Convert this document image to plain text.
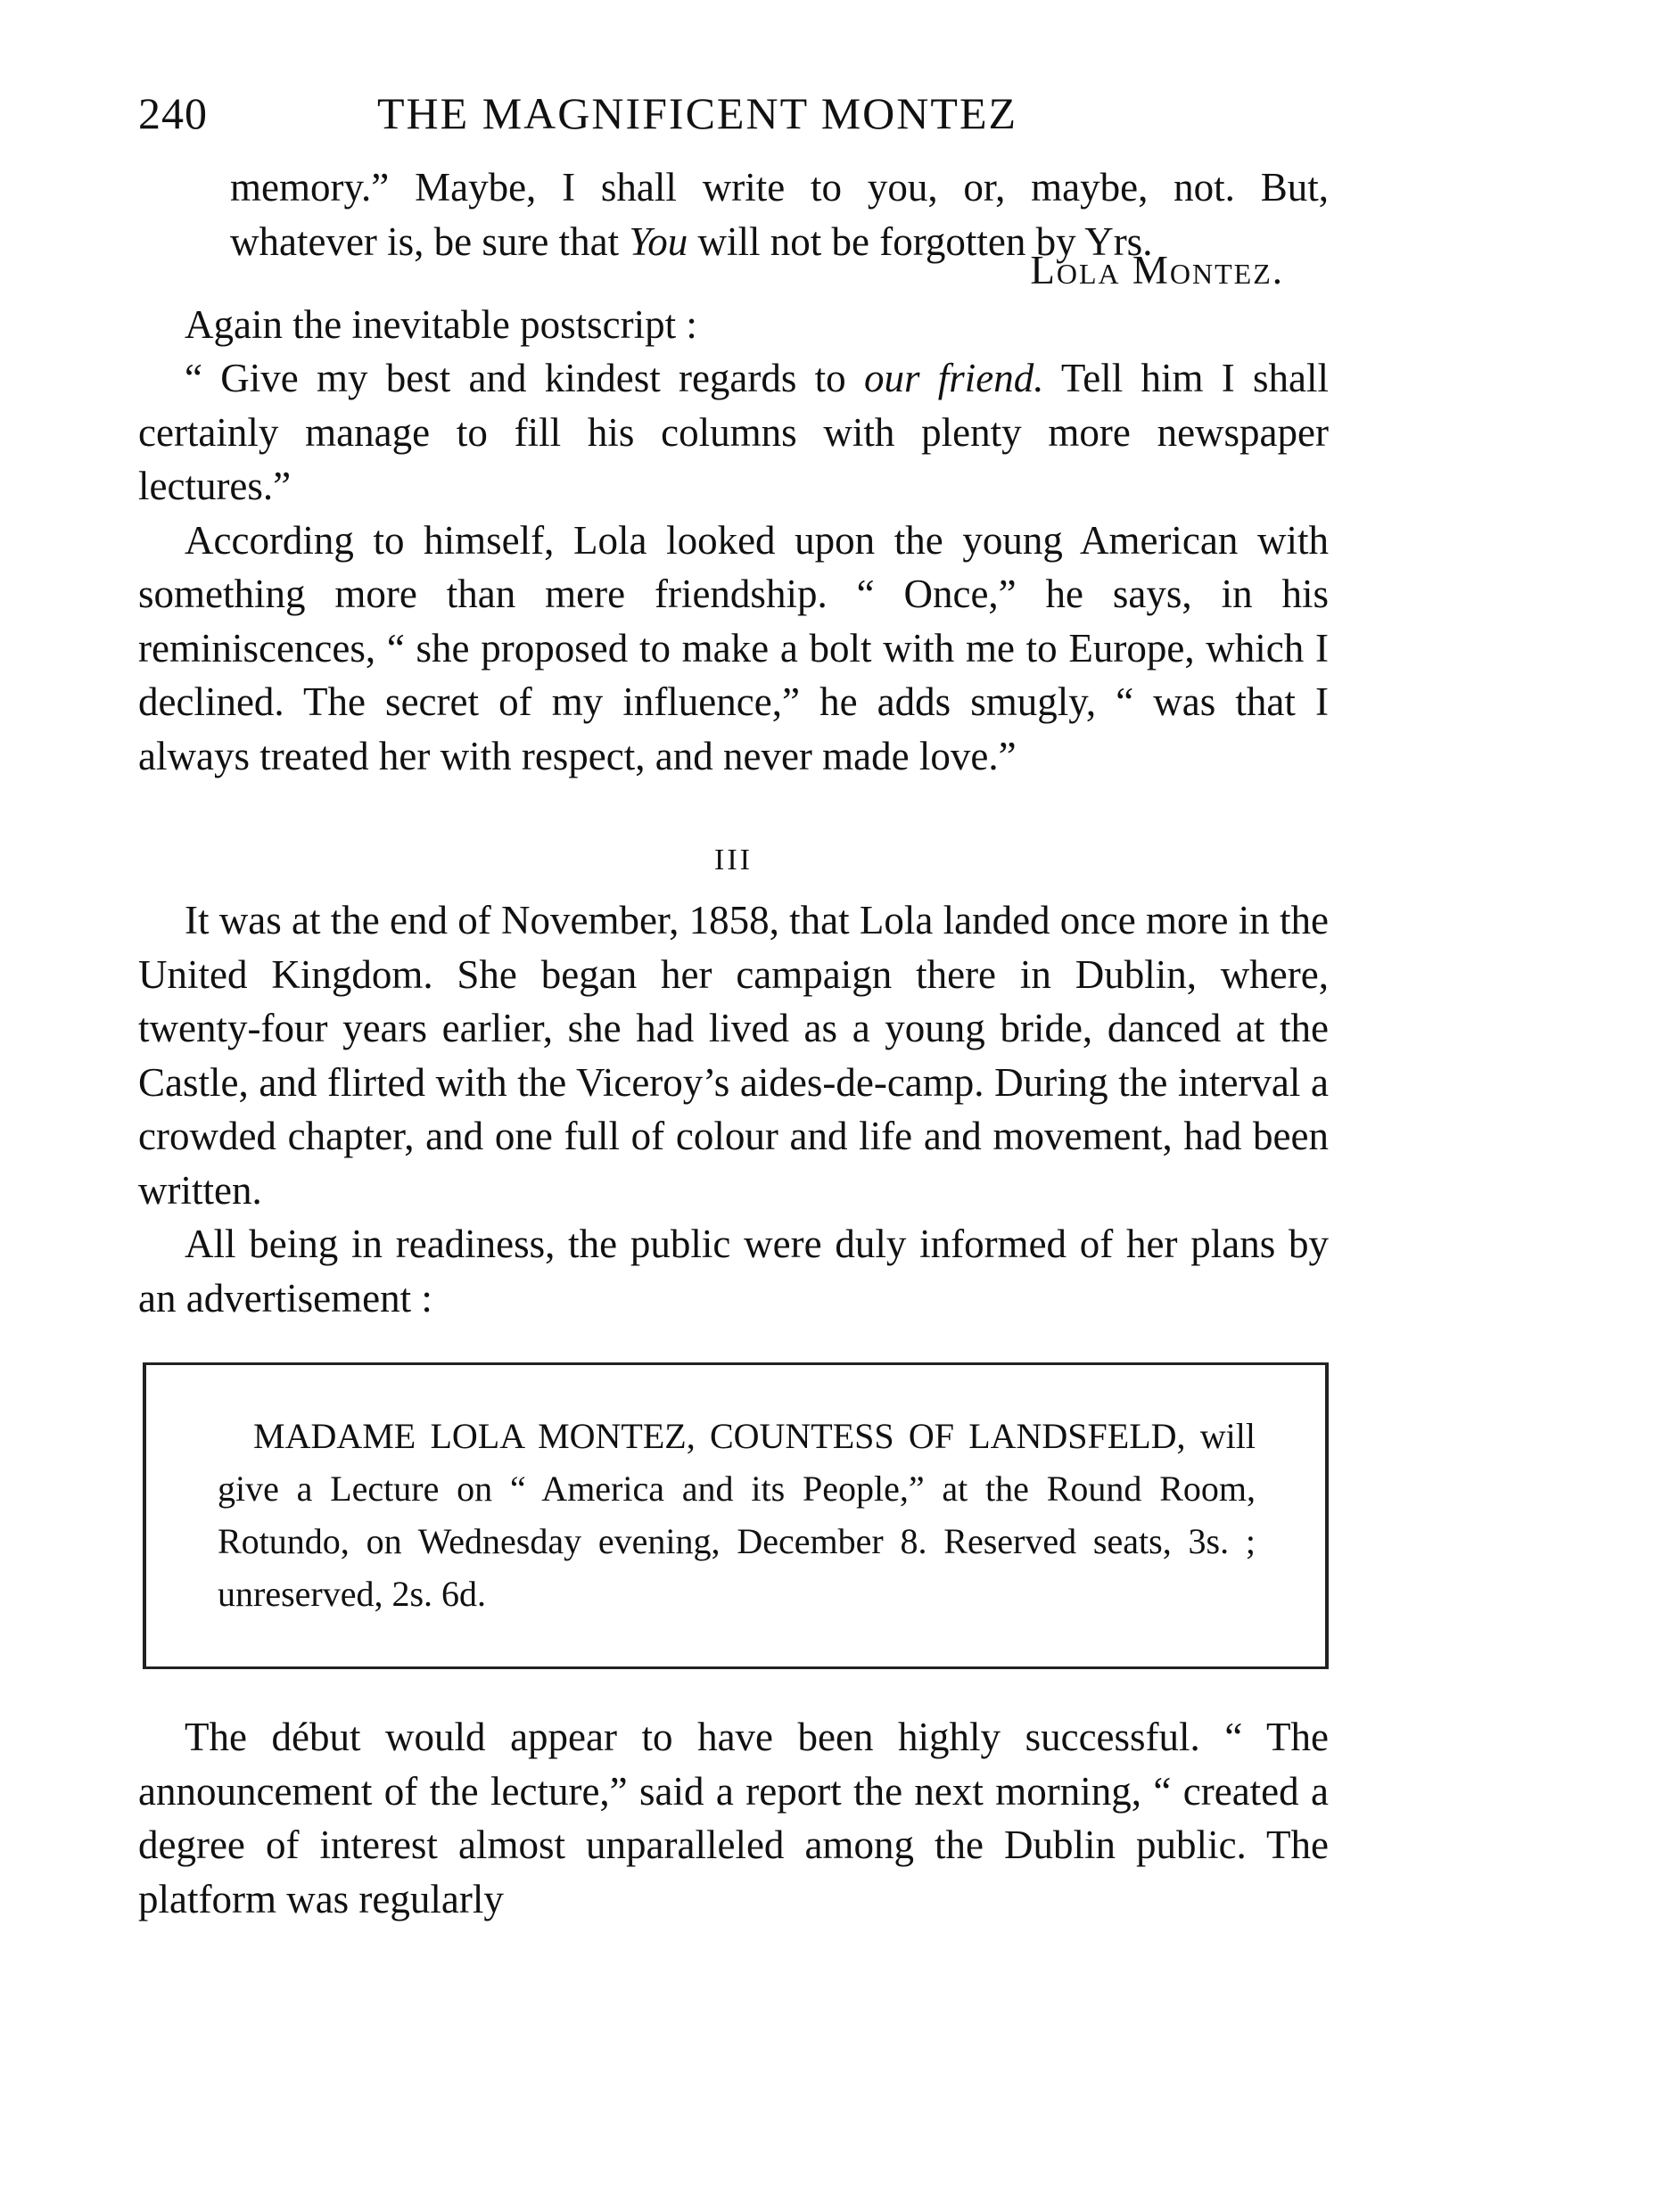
240	THE MAGNIFICENT MONTEZ

memory.” Maybe, I shall write to you, or, maybe, not. But, whatever is, be sure that You will not be forgotten by Yrs.

Lola Montez.

Again the inevitable postscript :

“ Give my best and kindest regards to our friend. Tell him I shall certainly manage to fill his columns with plenty more newspaper lectures.”

According to himself, Lola looked upon the young American with something more than mere friendship. “ Once,” he says, in his reminiscences, “ she proposed to make a bolt with me to Europe, which I declined. The secret of my influence,” he adds smugly, “ was that I always treated her with respect, and never made love.”

III

It was at the end of November, 1858, that Lola landed once more in the United Kingdom. She began her campaign there in Dublin, where, twenty-four years earlier, she had lived as a young bride, danced at the Castle, and flirted with the Viceroy’s aides-de-camp. During the interval a crowded chapter, and one full of colour and life and movement, had been written.

All being in readiness, the public were duly informed of her plans by an advertisement :

MADAME LOLA MONTEZ, COUNTESS OF LANDSFELD, will give a Lecture on “ America and its People,” at the Round Room, Rotundo, on Wednesday evening, December 8. Reserved seats, 3s. ; unreserved, 2s. 6d.

The début would appear to have been highly successful. “ The announcement of the lecture,” said a report the next morning, “ created a degree of interest almost unparalleled among the Dublin public. The platform was regularly
